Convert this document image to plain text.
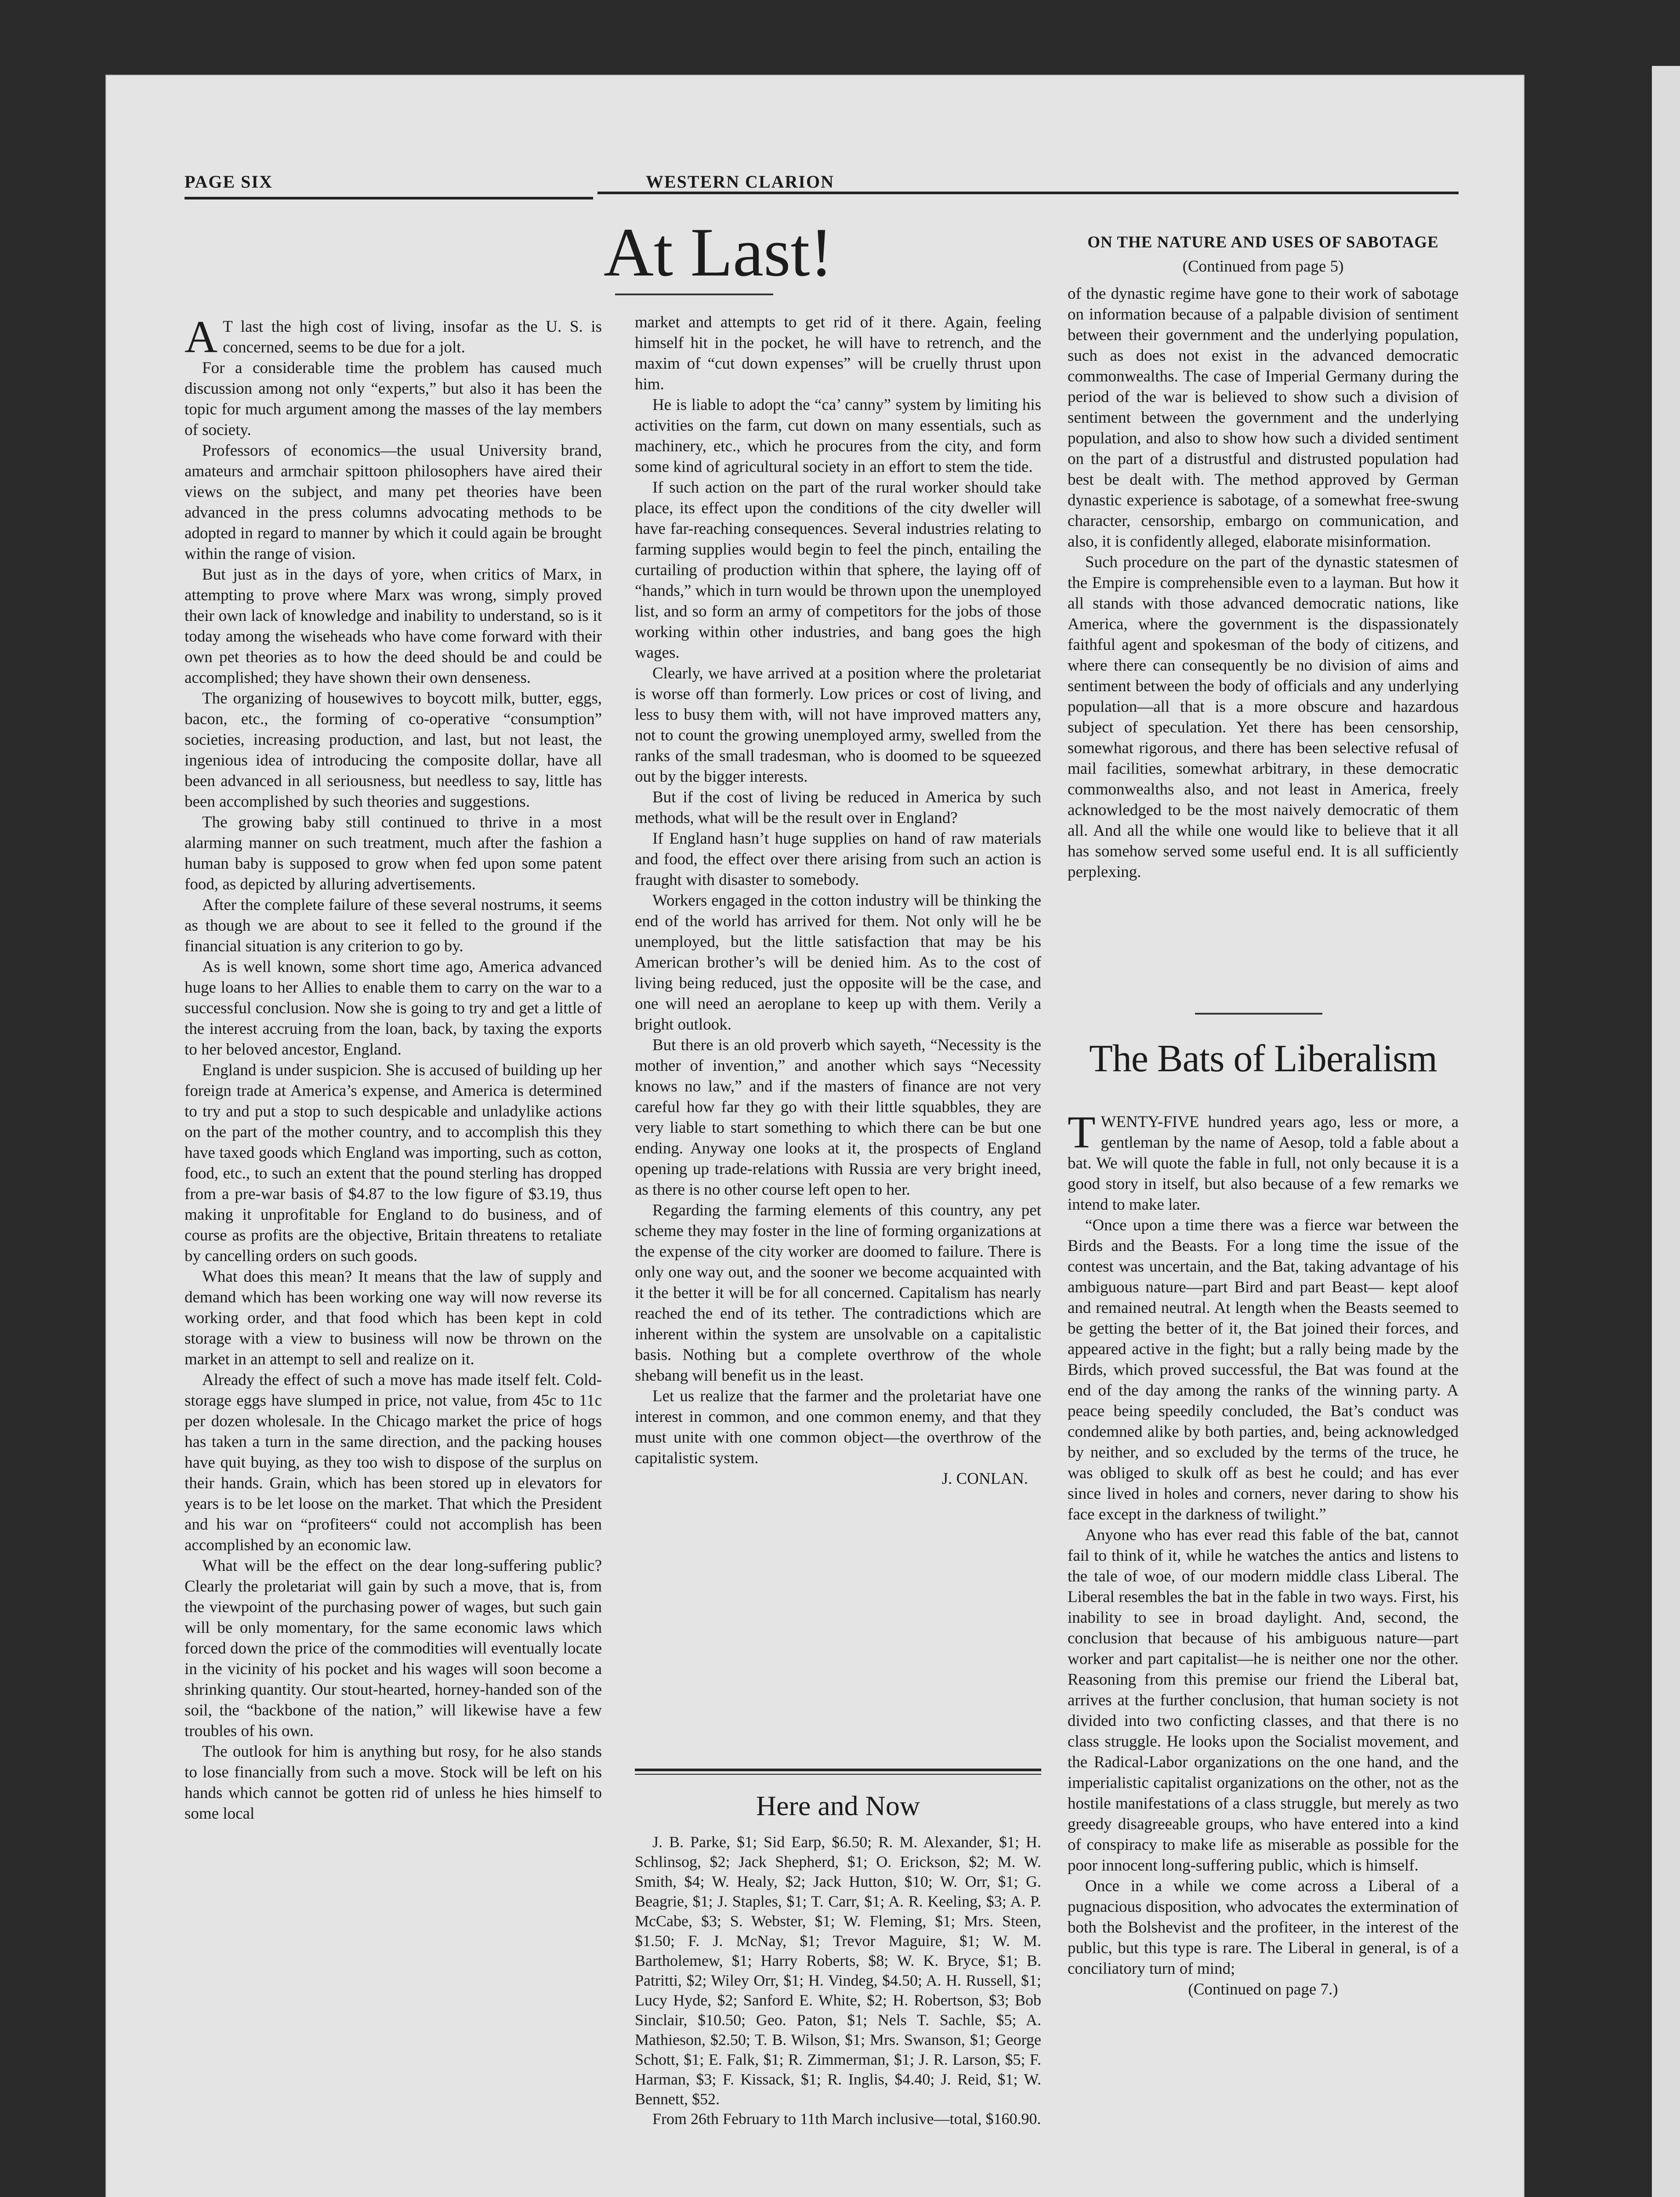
PAGE SIX	WESTERN CLARION
At Last!

A T last the high cost of living, insofar as the U. S. is concerned, seems to be due for a jolt.

For a considerable time the problem has caused much discussion among not only “experts,” but also it has been the topic for much argument among the masses of the lay members of society.

Professors of economics—the usual University brand, amateurs and armchair spittoon philosophers have aired their views on the subject, and many pet theories have been advanced in the press columns advocating methods to be adopted in regard to manner by which it could again be brought within the range of vision.

But just as in the days of yore, when critics of Marx, in attempting to prove where Marx was wrong, simply proved their own lack of knowledge and inability to understand, so is it today among the wiseheads who have come forward with their own pet theories as to how the deed should be and could be accomplished; they have shown their own denseness.

The organizing of housewives to boycott milk, butter, eggs, bacon, etc., the forming of co-operative “consumption” societies, increasing production, and last, but not least, the ingenious idea of introducing the composite dollar, have all been advanced in all seriousness, but needless to say, little has been accomplished by such theories and suggestions.

The growing baby still continued to thrive in a most alarming manner on such treatment, much after the fashion a human baby is supposed to grow when fed upon some patent food, as depicted by alluring advertisements.

After the complete failure of these several nostrums, it seems as though we are about to see it felled to the ground if the financial situation is any criterion to go by.

As is well known, some short time ago, America advanced huge loans to her Allies to enable them to carry on the war to a successful conclusion. Now she is going to try and get a little of the interest accruing from the loan, back, by taxing the exports to her beloved ancestor, England.

England is under suspicion. She is accused of building up her foreign trade at America’s expense, and America is determined to try and put a stop to such despicable and unladylike actions on the part of the mother country, and to accomplish this they have taxed goods which England was importing, such as cotton, food, etc., to such an extent that the pound sterling has dropped from a pre-war basis of $4.87 to the low figure of $3.19, thus making it unprofitable for England to do business, and of course as profits are the objective, Britain threatens to retaliate by cancelling orders on such goods.

What does this mean? It means that the law of supply and demand which has been working one way will now reverse its working order, and that food which has been kept in cold storage with a view to business will now be thrown on the market in an attempt to sell and realize on it.

Already the effect of such a move has made itself felt. Cold-storage eggs have slumped in price, not value, from 45c to 11c per dozen wholesale. In the Chicago market the price of hogs has taken a turn in the same direction, and the packing houses have quit buying, as they too wish to dispose of the surplus on their hands. Grain, which has been stored up in elevators for years is to be let loose on the market. That which the President and his war on “profiteers“ could not accomplish has been accomplished by an economic law.

What will be the effect on the dear long-suffering public? Clearly the proletariat will gain by such a move, that is, from the viewpoint of the purchasing power of wages, but such gain will be only momentary, for the same economic laws which forced down the price of the commodities will eventually locate in the vicinity of his pocket and his wages will soon become a shrinking quantity. Our stout-hearted, horney-handed son of the soil, the “backbone of the nation,” will likewise have a few troubles of his own.

The outlook for him is anything but rosy, for he also stands to lose financially from such a move. Stock will be left on his hands which cannot be gotten rid of unless he hies himself to some local

market and attempts to get rid of it there. Again, feeling himself hit in the pocket, he will have to retrench, and the maxim of “cut down expenses” will be cruelly thrust upon him.

He is liable to adopt the “ca’ canny” system by limiting his activities on the farm, cut down on many essentials, such as machinery, etc., which he procures from the city, and form some kind of agricultural society in an effort to stem the tide.

If such action on the part of the rural worker should take place, its effect upon the conditions of the city dweller will have far-reaching consequences. Several industries relating to farming supplies would begin to feel the pinch, entailing the curtailing of production within that sphere, the laying off of “hands,” which in turn would be thrown upon the unemployed list, and so form an army of competitors for the jobs of those working within other industries, and bang goes the high wages.

Clearly, we have arrived at a position where the proletariat is worse off than formerly. Low prices or cost of living, and less to busy them with, will not have improved matters any, not to count the growing unemployed army, swelled from the ranks of the small tradesman, who is doomed to be squeezed out by the bigger interests.

But if the cost of living be reduced in America by such methods, what will be the result over in England?

If England hasn’t huge supplies on hand of raw materials and food, the effect over there arising from such an action is fraught with disaster to somebody.

Workers engaged in the cotton industry will be thinking the end of the world has arrived for them. Not only will he be unemployed, but the little satisfaction that may be his American brother’s will be denied him. As to the cost of living being reduced, just the opposite will be the case, and one will need an aeroplane to keep up with them. Verily a bright outlook.

But there is an old proverb which sayeth, “Necessity is the mother of invention,” and another which says “Necessity knows no law,” and if the masters of finance are not very careful how far they go with their little squabbles, they are very liable to start something to which there can be but one ending. Anyway one looks at it, the prospects of England opening up trade-relations with Russia are very bright ineed, as there is no other course left open to her.

Regarding the farming elements of this country, any pet scheme they may foster in the line of forming organizations at the expense of the city worker are doomed to failure. There is only one way out, and the sooner we become acquainted with it the better it will be for all concerned. Capitalism has nearly reached the end of its tether. The contradictions which are inherent within the system are unsolvable on a capitalistic basis. Nothing but a complete overthrow of the whole shebang will benefit us in the least.

Let us realize that the farmer and the proletariat have one interest in common, and one common enemy, and that they must unite with one common object—the overthrow of the capitalistic system.

J. CONLAN.

Here and Now

J. B. Parke, $1; Sid Earp, $6.50; R. M. Alexander, $1; H. Schlinsog, $2; Jack Shepherd, $1; O. Erickson, $2; M. W. Smith, $4; W. Healy, $2; Jack Hutton, $10; W. Orr, $1; G. Beagrie, $1; J. Staples, $1; T. Carr, $1; A. R. Keeling, $3; A. P. McCabe, $3; S. Webster, $1; W. Fleming, $1; Mrs. Steen, $1.50; F. J. McNay, $1; Trevor Maguire, $1; W. M. Bartholemew, $1; Harry Roberts, $8; W. K. Bryce, $1; B. Patritti, $2; Wiley Orr, $1; H. Vindeg, $4.50; A. H. Russell, $1; Lucy Hyde, $2; Sanford E. White, $2; H. Robertson, $3; Bob Sinclair, $10.50; Geo. Paton, $1; Nels T. Sachle, $5; A. Mathieson, $2.50; T. B. Wilson, $1; Mrs. Swanson, $1; George Schott, $1; E. Falk, $1; R. Zimmerman, $1; J. R. Larson, $5; F. Harman, $3; F. Kissack, $1; R. Inglis, $4.40; J. Reid, $1; W. Bennett, $52.

From 26th February to 11th March inclusive—total, $160.90.

ON THE NATURE AND USES OF SABOTAGE
(Continued from page 5)

of the dynastic regime have gone to their work of sabotage on information because of a palpable division of sentiment between their government and the underlying population, such as does not exist in the advanced democratic commonwealths. The case of Imperial Germany during the period of the war is believed to show such a division of sentiment between the government and the underlying population, and also to show how such a divided sentiment on the part of a distrustful and distrusted population had best be dealt with. The method approved by German dynastic experience is sabotage, of a somewhat free-swung character, censorship, embargo on communication, and also, it is confidently alleged, elaborate misinformation.

Such procedure on the part of the dynastic statesmen of the Empire is comprehensible even to a layman. But how it all stands with those advanced democratic nations, like America, where the government is the dispassionately faithful agent and spokesman of the body of citizens, and where there can consequently be no division of aims and sentiment between the body of officials and any underlying population—all that is a more obscure and hazardous subject of speculation. Yet there has been censorship, somewhat rigorous, and there has been selective refusal of mail facilities, somewhat arbitrary, in these democratic commonwealths also, and not least in America, freely acknowledged to be the most naively democratic of them all. And all the while one would like to believe that it all has somehow served some useful end. It is all sufficiently perplexing.

The Bats of Liberalism

TWENTY-FIVE hundred years ago, less or more, a gentleman by the name of Aesop, told a fable about a bat. We will quote the fable in full, not only because it is a good story in itself, but also because of a few remarks we intend to make later.

“Once upon a time there was a fierce war between the Birds and the Beasts. For a long time the issue of the contest was uncertain, and the Bat, taking advantage of his ambiguous nature—part Bird and part Beast— kept aloof and remained neutral. At length when the Beasts seemed to be getting the better of it, the Bat joined their forces, and appeared active in the fight; but a rally being made by the Birds, which proved successful, the Bat was found at the end of the day among the ranks of the winning party. A peace being speedily concluded, the Bat’s conduct was condemned alike by both parties, and, being acknowledged by neither, and so excluded by the terms of the truce, he was obliged to skulk off as best he could; and has ever since lived in holes and corners, never daring to show his face except in the darkness of twilight.”

Anyone who has ever read this fable of the bat, cannot fail to think of it, while he watches the antics and listens to the tale of woe, of our modern middle class Liberal. The Liberal resembles the bat in the fable in two ways. First, his inability to see in broad daylight. And, second, the conclusion that because of his ambiguous nature—part worker and part capitalist—he is neither one nor the other. Reasoning from this premise our friend the Liberal bat, arrives at the further conclusion, that human society is not divided into two conficting classes, and that there is no class struggle. He looks upon the Socialist movement, and the Radical-Labor organizations on the one hand, and the imperialistic capitalist organizations on the other, not as the hostile manifestations of a class struggle, but merely as two greedy disagreeable groups, who have entered into a kind of conspiracy to make life as miserable as possible for the poor innocent long-suffering public, which is himself.

Once in a while we come across a Liberal of a pugnacious disposition, who advocates the extermination of both the Bolshevist and the profiteer, in the interest of the public, but this type is rare. The Liberal in general, is of a conciliatory turn of mind;

(Continued on page 7.)
